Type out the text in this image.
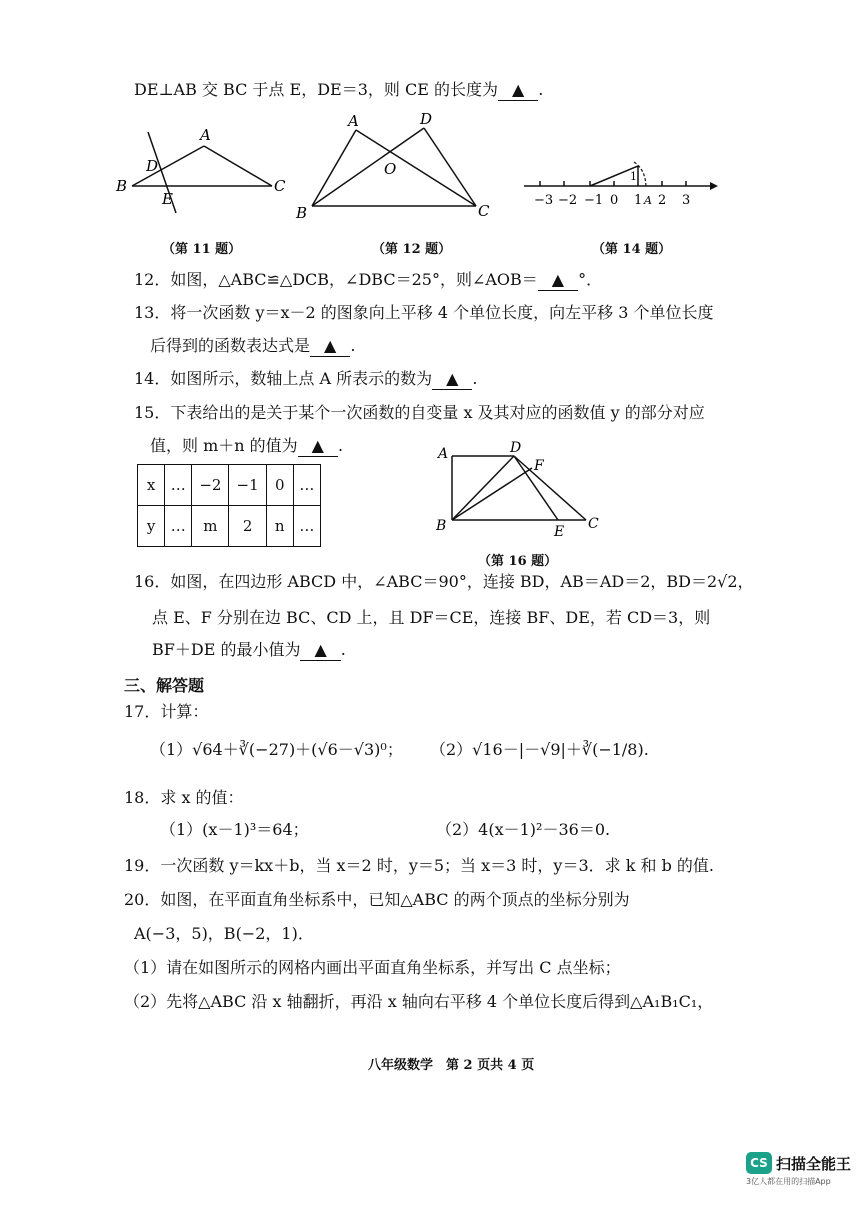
DE⊥AB 交 BC 于点 E，DE＝3，则 CE 的长度为 ▲ .
B
A
C
D
E
（第 11 题）
B
A	D
C
O
（第 12 题）
−3 −2 −1 0 1 A 2 3
1
（第 14 题）
12．如图，△ABC≌△DCB，∠DBC＝25°，则∠AOB＝ ▲ °．
13．将一次函数 y＝x－2 的图象向上平移 4 个单位长度，向左平移 3 个单位长度
后得到的函数表达式是 ▲ .
14．如图所示，数轴上点 A 所表示的数为 ▲ .
15．下表给出的是关于某个一次函数的自变量 x 及其对应的函数值 y 的部分对应
值，则 m＋n 的值为 ▲ .
x	…	−2	−1	0	…
y	…	m	2	n	…
A	D
F
B	E C
（第 16 题）
16．如图，在四边形 ABCD 中，∠ABC＝90°，连接 BD，AB＝AD＝2，BD＝2√2，
点 E、F 分别在边 BC、CD 上，且 DF＝CE，连接 BF、DE，若 CD＝3，则
BF＋DE 的最小值为 ▲ .
三、解答题
17．计算：
（1）√64＋∛(−27)＋(√6－√3)⁰； （2）√16－|－√9|＋∛(−1/8).
18．求 x 的值：
（1）(x－1)³＝64；	（2）4(x－1)²－36＝0.
19．一次函数 y＝kx＋b，当 x＝2 时，y＝5；当 x＝3 时，y＝3．求 k 和 b 的值.
20．如图，在平面直角坐标系中，已知△ABC 的两个顶点的坐标分别为
A(−3，5)，B(−2，1)．
（1）请在如图所示的网格内画出平面直角坐标系，并写出 C 点坐标；
（2）先将△ABC 沿 x 轴翻折，再沿 x 轴向右平移 4 个单位长度后得到△A₁B₁C₁，
八年级数学　第 2 页共 4 页
CS 扫描全能王
3亿人都在用的扫描App
